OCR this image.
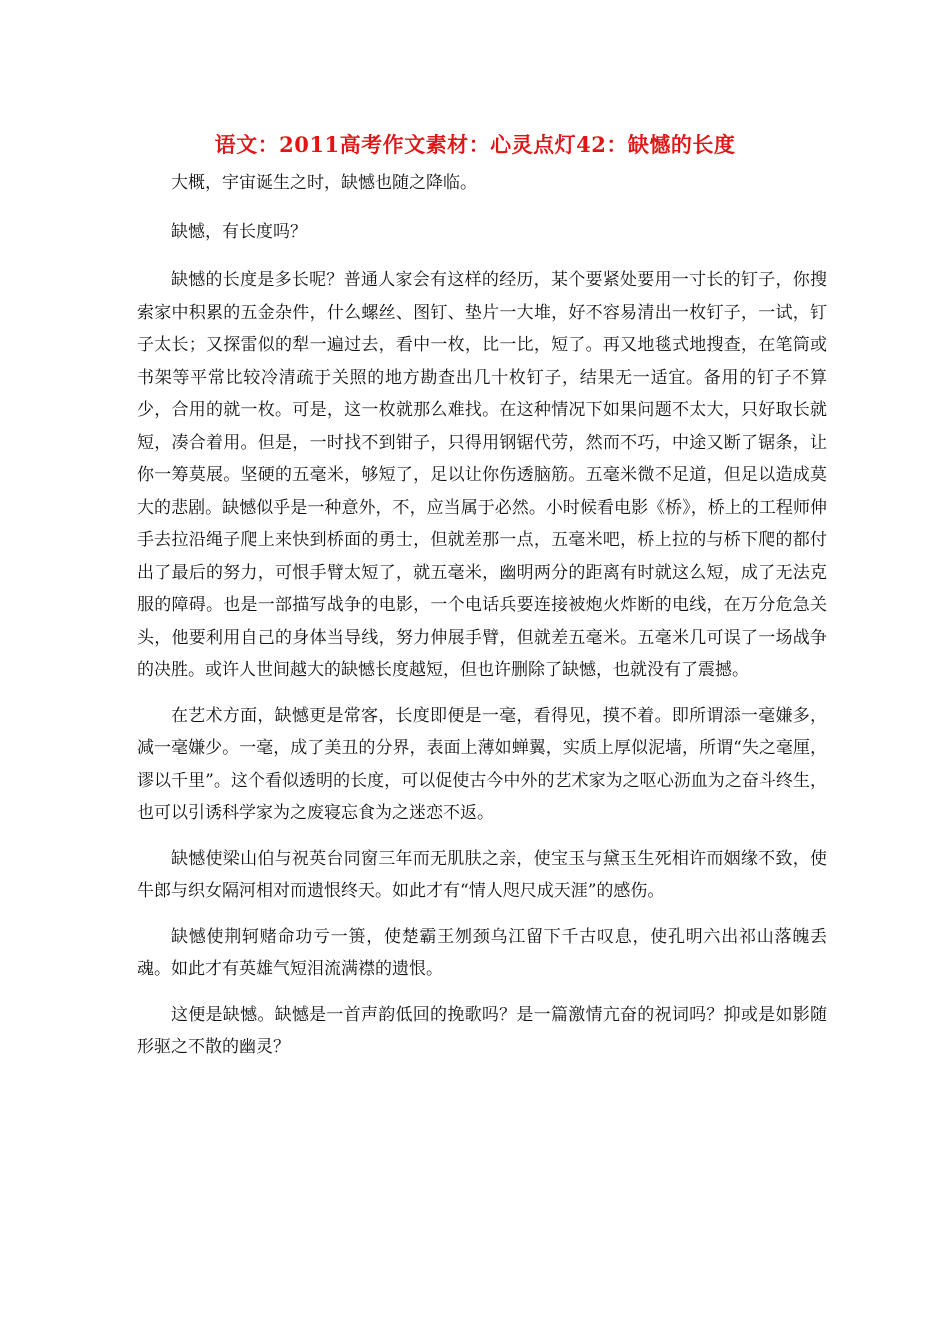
语文：2011高考作文素材：心灵点灯42：缺憾的长度

大概，宇宙诞生之时，缺憾也随之降临。

缺憾，有长度吗？

缺憾的长度是多长呢？普通人家会有这样的经历，某个要紧处要用一寸长的钉子，你搜索家中积累的五金杂件，什么螺丝、图钉、垫片一大堆，好不容易清出一枚钉子，一试，钉子太长；又探雷似的犁一遍过去，看中一枚，比一比，短了。再又地毯式地搜查，在笔筒或书架等平常比较冷清疏于关照的地方勘查出几十枚钉子，结果无一适宜。备用的钉子不算少，合用的就一枚。可是，这一枚就那么难找。在这种情况下如果问题不太大，只好取长就短，凑合着用。但是，一时找不到钳子，只得用钢锯代劳，然而不巧，中途又断了锯条，让你一筹莫展。坚硬的五毫米，够短了，足以让你伤透脑筋。五毫米微不足道，但足以造成莫大的悲剧。缺憾似乎是一种意外，不，应当属于必然。小时候看电影《桥》，桥上的工程师伸手去拉沿绳子爬上来快到桥面的勇士，但就差那一点，五毫米吧，桥上拉的与桥下爬的都付出了最后的努力，可恨手臂太短了，就五毫米，幽明两分的距离有时就这么短，成了无法克服的障碍。也是一部描写战争的电影，一个电话兵要连接被炮火炸断的电线，在万分危急关头，他要利用自己的身体当导线，努力伸展手臂，但就差五毫米。五毫米几可误了一场战争的决胜。或许人世间越大的缺憾长度越短，但也许删除了缺憾，也就没有了震撼。

在艺术方面，缺憾更是常客，长度即便是一毫，看得见，摸不着。即所谓添一毫嫌多，减一毫嫌少。一毫，成了美丑的分界，表面上薄如蝉翼，实质上厚似泥墙，所谓“失之毫厘，谬以千里”。这个看似透明的长度，可以促使古今中外的艺术家为之呕心沥血为之奋斗终生，也可以引诱科学家为之废寝忘食为之迷恋不返。

缺憾使梁山伯与祝英台同窗三年而无肌肤之亲，使宝玉与黛玉生死相许而姻缘不致，使牛郎与织女隔河相对而遗恨终天。如此才有“情人咫尺成天涯”的感伤。

缺憾使荆轲赌命功亏一篑，使楚霸王刎颈乌江留下千古叹息，使孔明六出祁山落魄丢魂。如此才有英雄气短泪流满襟的遗恨。

这便是缺憾。缺憾是一首声韵低回的挽歌吗？是一篇激情亢奋的祝词吗？抑或是如影随形驱之不散的幽灵？
